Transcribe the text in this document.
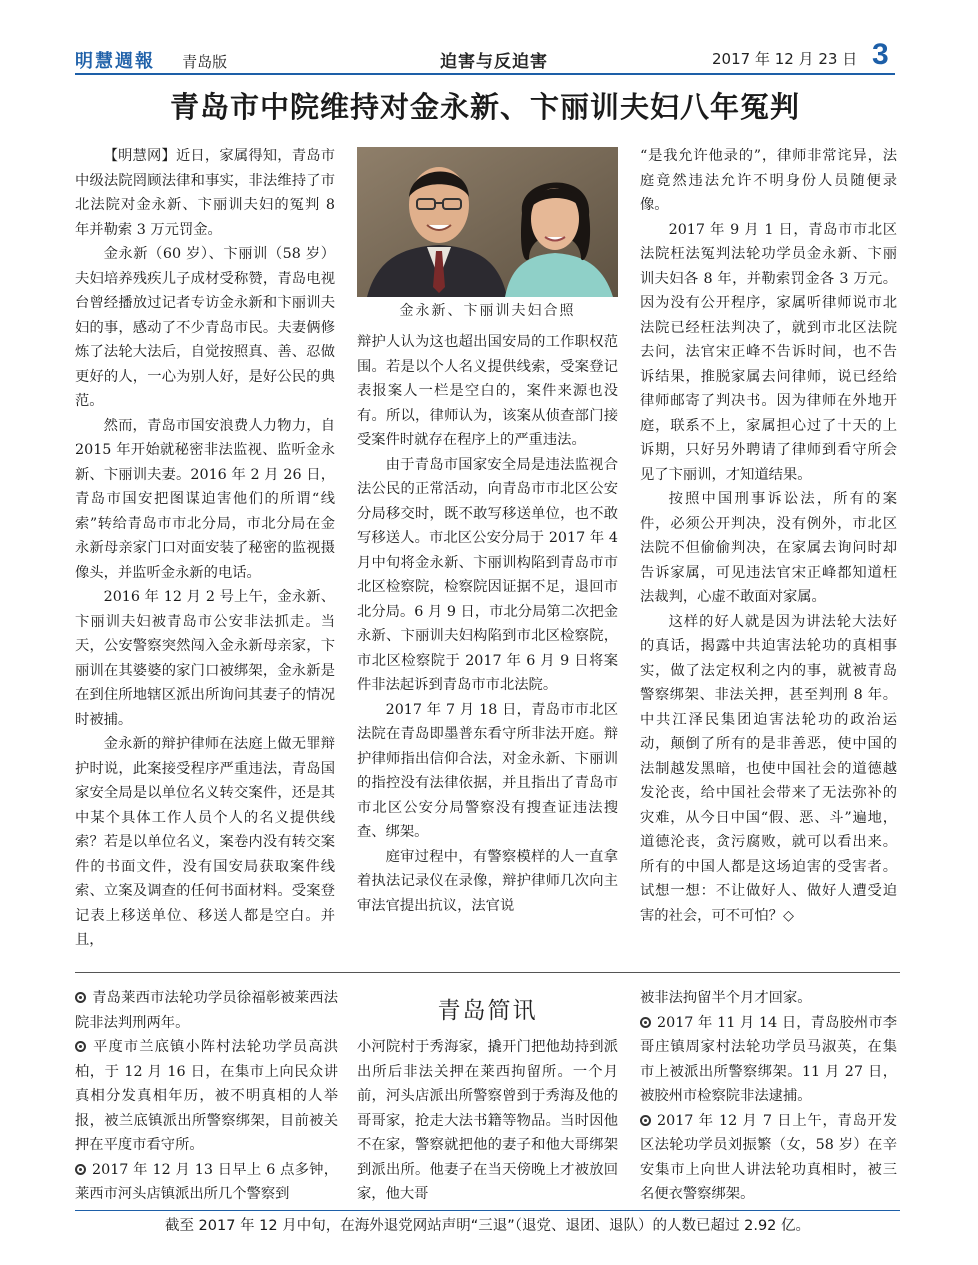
明慧週報 青岛版	迫害与反迫害	2017 年 12 月 23 日 3
青岛市中院维持对金永新、卞丽训夫妇八年冤判

【明慧网】近日，家属得知，青岛市中级法院罔顾法律和事实，非法维持了市北法院对金永新、卞丽训夫妇的冤判 8 年并勒索 3 万元罚金。

金永新（60 岁）、卞丽训（58 岁）夫妇培养残疾儿子成材受称赞，青岛电视台曾经播放过记者专访金永新和卞丽训夫妇的事，感动了不少青岛市民。夫妻俩修炼了法轮大法后，自觉按照真、善、忍做更好的人，一心为别人好，是好公民的典范。

然而，青岛市国安浪费人力物力，自 2015 年开始就秘密非法监视、监听金永新、卞丽训夫妻。2016 年 2 月 26 日，青岛市国安把图谋迫害他们的所谓“线索”转给青岛市市北分局，市北分局在金永新母亲家门口对面安装了秘密的监视摄像头，并监听金永新的电话。

2016 年 12 月 2 号上午，金永新、卞丽训夫妇被青岛市公安非法抓走。当天，公安警察突然闯入金永新母亲家，卞丽训在其婆婆的家门口被绑架，金永新是在到住所地辖区派出所询问其妻子的情况时被捕。

金永新的辩护律师在法庭上做无罪辩护时说，此案接受程序严重违法，青岛国家安全局是以单位名义转交案件，还是其中某个具体工作人员个人的名义提供线索？若是以单位名义，案卷内没有转交案件的书面文件，没有国安局获取案件线索、立案及调查的任何书面材料。受案登记表上移送单位、移送人都是空白。并且，

金永新、卞丽训夫妇合照

辩护人认为这也超出国安局的工作职权范围。若是以个人名义提供线索，受案登记表报案人一栏是空白的，案件来源也没有。所以，律师认为，该案从侦查部门接受案件时就存在程序上的严重违法。

由于青岛市国家安全局是违法监视合法公民的正常活动，向青岛市市北区公安分局移交时，既不敢写移送单位，也不敢写移送人。市北区公安分局于 2017 年 4 月中旬将金永新、卞丽训构陷到青岛市市北区检察院，检察院因证据不足，退回市北分局。6 月 9 日，市北分局第二次把金永新、卞丽训夫妇构陷到市北区检察院，市北区检察院于 2017 年 6 月 9 日将案件非法起诉到青岛市市北法院。

2017 年 7 月 18 日，青岛市市北区法院在青岛即墨普东看守所非法开庭。辩护律师指出信仰合法，对金永新、卞丽训的指控没有法律依据，并且指出了青岛市市北区公安分局警察没有搜查证违法搜查、绑架。

庭审过程中，有警察模样的人一直拿着执法记录仪在录像，辩护律师几次向主审法官提出抗议，法官说

“是我允许他录的”，律师非常诧异，法庭竟然违法允许不明身份人员随便录像。

2017 年 9 月 1 日，青岛市市北区法院枉法冤判法轮功学员金永新、卞丽训夫妇各 8 年，并勒索罚金各 3 万元。因为没有公开程序，家属听律师说市北法院已经枉法判决了，就到市北区法院去问，法官宋正峰不告诉时间，也不告诉结果，推脱家属去问律师，说已经给律师邮寄了判决书。因为律师在外地开庭，联系不上，家属担心过了十天的上诉期，只好另外聘请了律师到看守所会见了卞丽训，才知道结果。

按照中国刑事诉讼法，所有的案件，必须公开判决，没有例外，市北区法院不但偷偷判决，在家属去询问时却告诉家属，可见违法官宋正峰都知道枉法裁判，心虚不敢面对家属。

这样的好人就是因为讲法轮大法好的真话，揭露中共迫害法轮功的真相事实，做了法定权利之内的事，就被青岛警察绑架、非法关押，甚至判刑 8 年。中共江泽民集团迫害法轮功的政治运动，颠倒了所有的是非善恶，使中国的法制越发黑暗，也使中国社会的道德越发沦丧，给中国社会带来了无法弥补的灾难，从今日中国“假、恶、斗”遍地，道德沦丧，贪污腐败，就可以看出来。所有的中国人都是这场迫害的受害者。试想一想：不让做好人、做好人遭受迫害的社会，可不可怕？◇

青岛简讯

青岛莱西市法轮功学员徐福彰被莱西法院非法判刑两年。

平度市兰底镇小阵村法轮功学员高洪柏，于 12 月 16 日，在集市上向民众讲真相分发真相年历，被不明真相的人举报，被兰底镇派出所警察绑架，目前被关押在平度市看守所。

2017 年 12 月 13 日早上 6 点多钟，莱西市河头店镇派出所几个警察到

小河院村于秀海家，撬开门把他劫持到派出所后非法关押在莱西拘留所。一个月前，河头店派出所警察曾到于秀海及他的哥哥家，抢走大法书籍等物品。当时因他不在家，警察就把他的妻子和他大哥绑架到派出所。他妻子在当天傍晚上才被放回家，他大哥

被非法拘留半个月才回家。

2017 年 11 月 14 日，青岛胶州市李哥庄镇周家村法轮功学员马淑英，在集市上被派出所警察绑架。11 月 27 日，被胶州市检察院非法逮捕。

2017 年 12 月 7 日上午，青岛开发区法轮功学员刘振繁（女，58 岁）在辛安集市上向世人讲法轮功真相时，被三名便衣警察绑架。

截至 2017 年 12 月中旬，在海外退党网站声明“三退”（退党、退团、退队）的人数已超过 2.92 亿。
